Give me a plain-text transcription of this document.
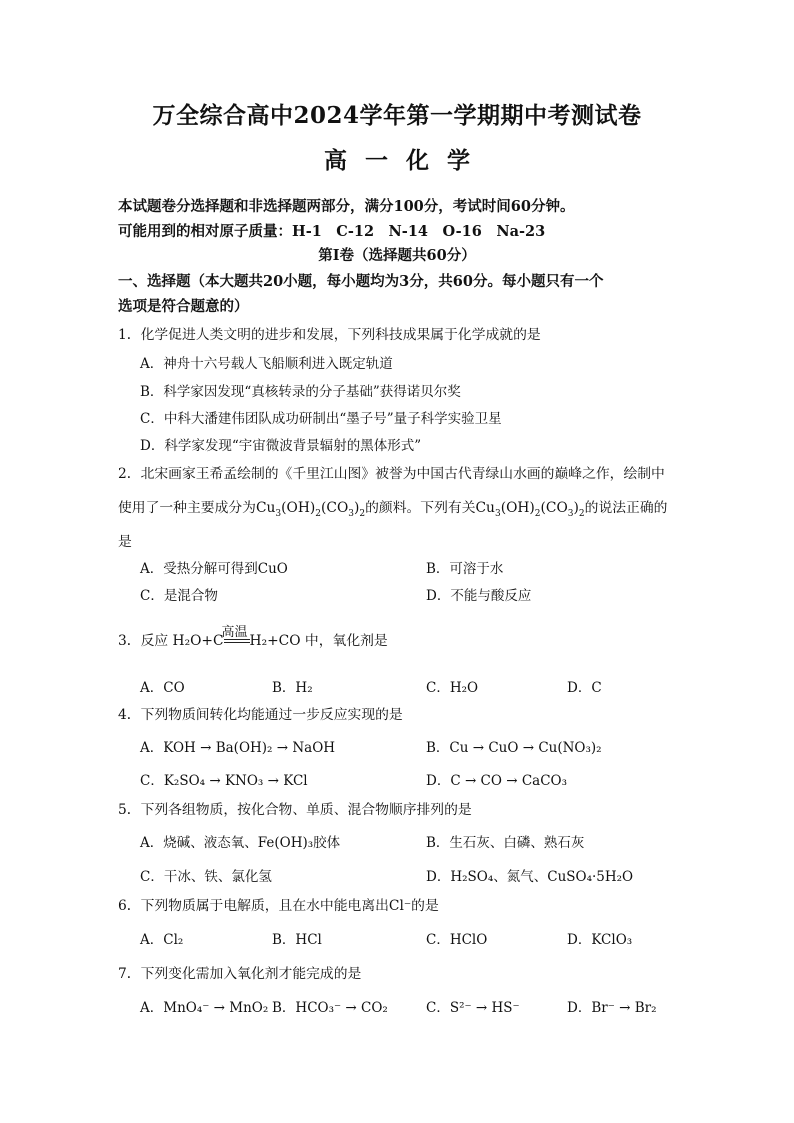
万全综合高中2024学年第一学期期中考测试卷
高一化学
本试题卷分选择题和非选择题两部分，满分100分，考试时间60分钟。
可能用到的相对原子质量：H-1　C-12　N-14　O-16　Na-23
第Ⅰ卷（选择题共60分）
一、选择题（本大题共20小题，每小题均为3分，共60分。每小题只有一个
选项是符合题意的）
1．化学促进人类文明的进步和发展，下列科技成果属于化学成就的是
A．神舟十六号载人飞船顺利进入既定轨道
B．科学家因发现“真核转录的分子基础”获得诺贝尔奖
C．中科大潘建伟团队成功研制出“墨子号”量子科学实验卫星
D．科学家发现“宇宙微波背景辐射的黑体形式”
2．北宋画家王希孟绘制的《千里江山图》被誉为中国古代青绿山水画的巅峰之作，绘制中
使用了一种主要成分为$Cu_3(OH)_2(CO_3)_2$的颜料。下列有关$Cu_3(OH)_2(CO_3)_2$的说法正确的
是
A．受热分解可得到CuO	B．可溶于水
C．是混合物	D．不能与酸反应
3．反应 H₂O+C
高温
H₂+CO 中，氧化剂是
A．CO	B．H₂	C．H₂O	D．C
4．下列物质间转化均能通过一步反应实现的是
A．KOH → Ba(OH)₂ → NaOH	B．Cu → CuO → Cu(NO₃)₂
C．K₂SO₄ → KNO₃ → KCl	D．C → CO → CaCO₃
5．下列各组物质，按化合物、单质、混合物顺序排列的是
A．烧碱、液态氧、Fe(OH)₃胶体	B．生石灰、白磷、熟石灰
C．干冰、铁、氯化氢	D．H₂SO₄、氮气、CuSO₄·5H₂O
6．下列物质属于电解质，且在水中能电离出Cl⁻的是
A．Cl₂	B．HCl	C．HClO	D．KClO₃
7．下列变化需加入氧化剂才能完成的是
A．MnO₄⁻ → MnO₂ B．HCO₃⁻ → CO₂	C．S²⁻ → HS⁻	D．Br⁻ → Br₂
